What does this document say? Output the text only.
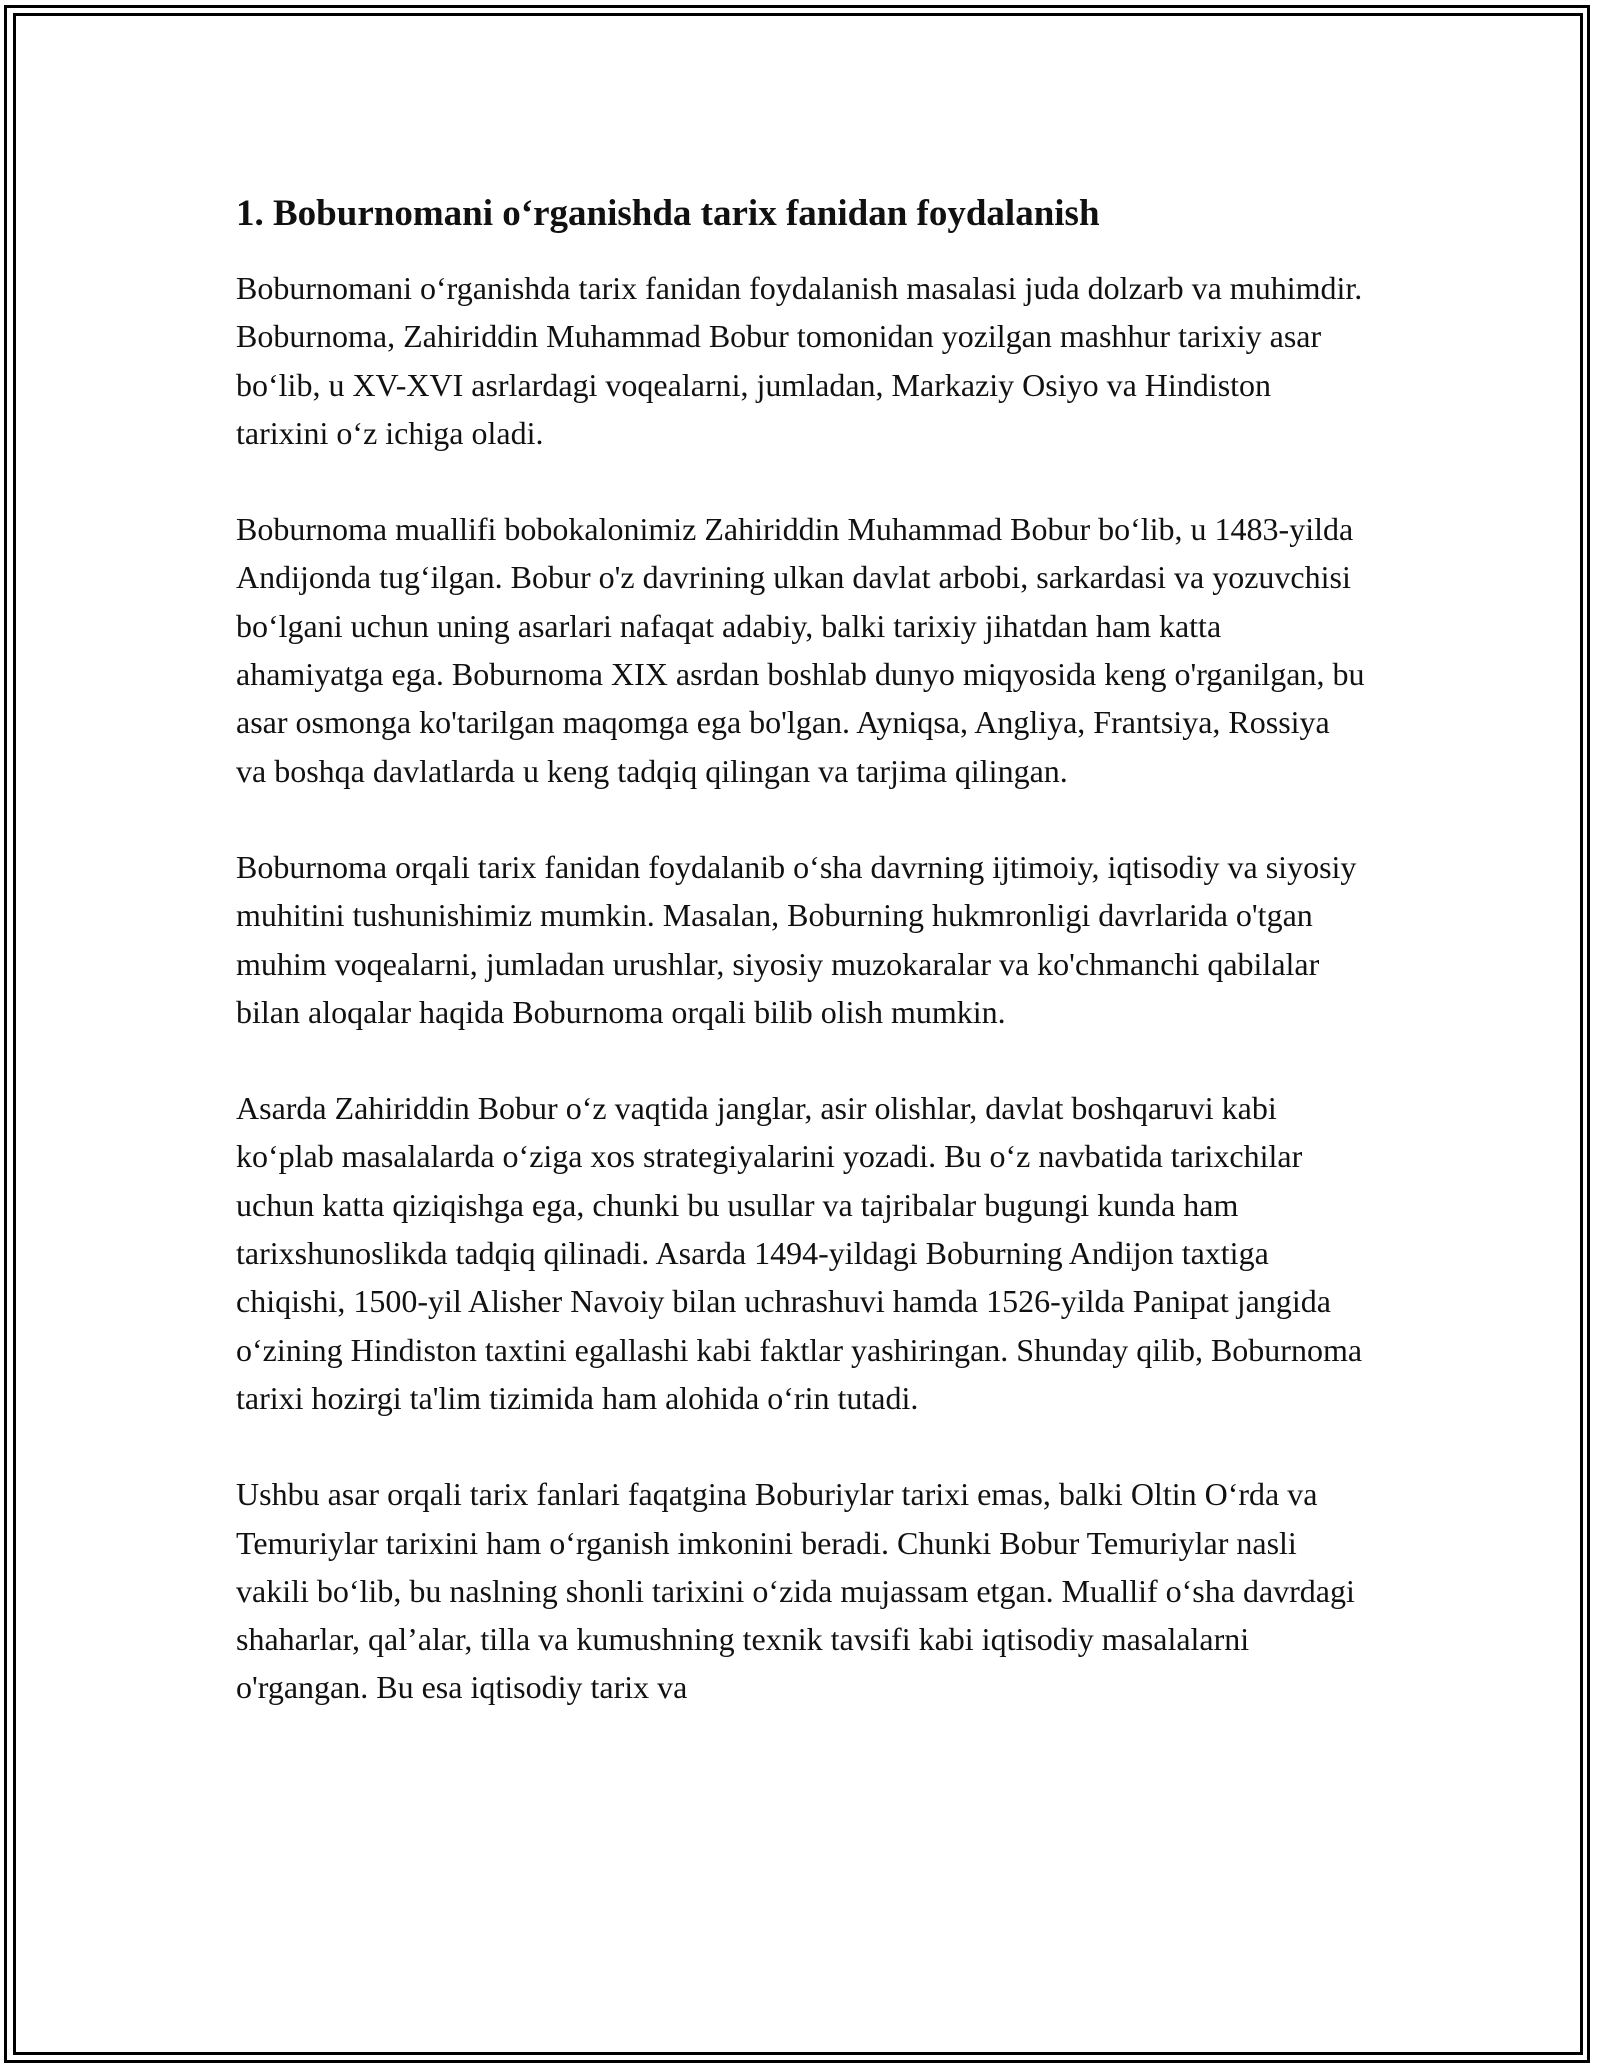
1. Boburnomani o‘rganishda tarix fanidan foydalanish

Boburnomani o‘rganishda tarix fanidan foydalanish masalasi juda dolzarb va muhimdir. Boburnoma, Zahiriddin Muhammad Bobur tomonidan yozilgan mashhur tarixiy asar bo‘lib, u XV-XVI asrlardagi voqealarni, jumladan, Markaziy Osiyo va Hindiston tarixini o‘z ichiga oladi.

Boburnoma muallifi bobokalonimiz Zahiriddin Muhammad Bobur bo‘lib, u 1483-yilda Andijonda tug‘ilgan. Bobur o'z davrining ulkan davlat arbobi, sarkardasi va yozuvchisi bo‘lgani uchun uning asarlari nafaqat adabiy, balki tarixiy jihatdan ham katta ahamiyatga ega. Boburnoma XIX asrdan boshlab dunyo miqyosida keng o'rganilgan, bu asar osmonga ko'tarilgan maqomga ega bo'lgan. Ayniqsa, Angliya, Frantsiya, Rossiya va boshqa davlatlarda u keng tadqiq qilingan va tarjima qilingan.

Boburnoma orqali tarix fanidan foydalanib o‘sha davrning ijtimoiy, iqtisodiy va siyosiy muhitini tushunishimiz mumkin. Masalan, Boburning hukmronligi davrlarida o'tgan muhim voqealarni, jumladan urushlar, siyosiy muzokaralar va ko'chmanchi qabilalar bilan aloqalar haqida Boburnoma orqali bilib olish mumkin.

Asarda Zahiriddin Bobur o‘z vaqtida janglar, asir olishlar, davlat boshqaruvi kabi ko‘plab masalalarda o‘ziga xos strategiyalarini yozadi. Bu o‘z navbatida tarixchilar uchun katta qiziqishga ega, chunki bu usullar va tajribalar bugungi kunda ham tarixshunoslikda tadqiq qilinadi. Asarda 1494-yildagi Boburning Andijon taxtiga chiqishi, 1500-yil Alisher Navoiy bilan uchrashuvi hamda 1526-yilda Panipat jangida o‘zining Hindiston taxtini egallashi kabi faktlar yashiringan. Shunday qilib, Boburnoma tarixi hozirgi ta'lim tizimida ham alohida o‘rin tutadi.

Ushbu asar orqali tarix fanlari faqatgina Boburiylar tarixi emas, balki Oltin O‘rda va Temuriylar tarixini ham o‘rganish imkonini beradi. Chunki Bobur Temuriylar nasli vakili bo‘lib, bu naslning shonli tarixini o‘zida mujassam etgan. Muallif o‘sha davrdagi shaharlar, qal’alar, tilla va kumushning texnik tavsifi kabi iqtisodiy masalalarni o'rgangan. Bu esa iqtisodiy tarix va
